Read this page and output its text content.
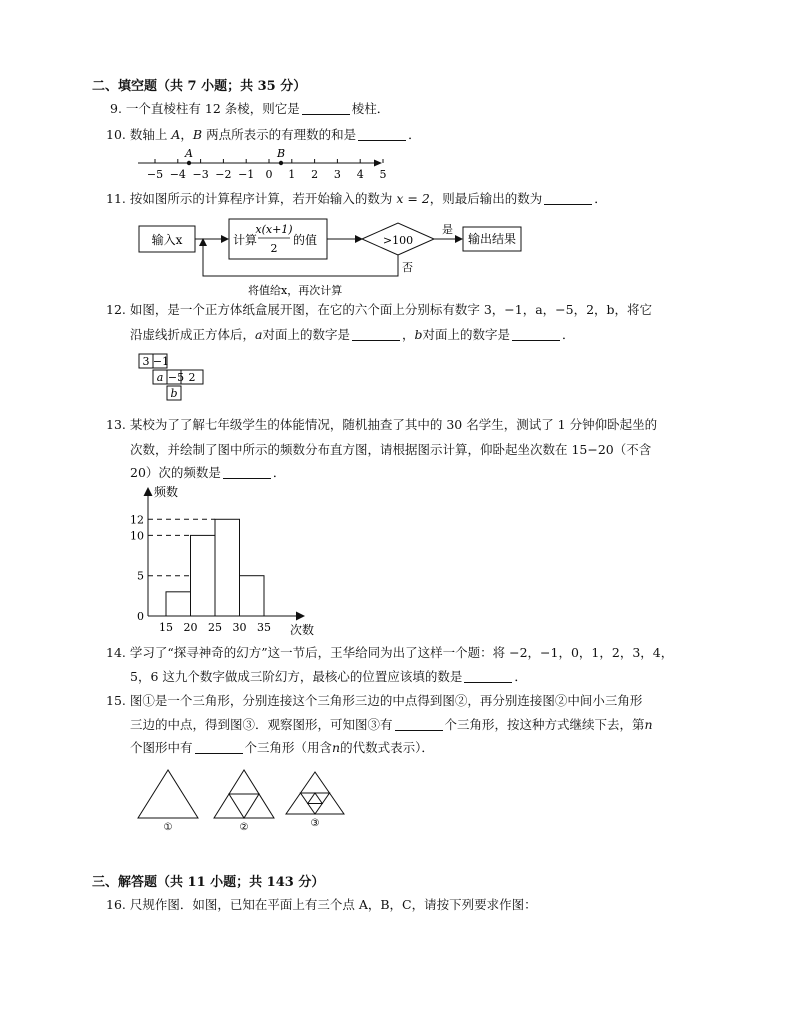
二、填空题（共 7 小题；共 35 分）
9. 一个直棱柱有 12 条棱，则它是	棱柱．
10. 数轴上 A，B 两点所表示的有理数的和是	．
−5 −4 −3 −2 −1 0 1 2 3 4 5
A	B
11. 按如图所示的计算程序计算，若开始输入的数为 x = 2，则最后输出的数为	．
输入x	计算
x(x+1)
2
的值	>100
是
输出结果
否
将值给x，再次计算
12. 如图，是一个正方体纸盒展开图，在它的六个面上分别标有数字 3，−1，a，−5，2，b，将它
沿虚线折成正方体后，a对面上的数字是	，b对面上的数字是	．
3 −1
a −5 2
b
13. 某校为了了解七年级学生的体能情况，随机抽查了其中的 30 名学生，测试了 1 分钟仰卧起坐的
次数，并绘制了图中所示的频数分布直方图，请根据图示计算，仰卧起坐次数在 15−20（不含
20）次的频数是	．
0
5
10
12
15 20 25 30 35
频数
次数
14. 学习了“探寻神奇的幻方”这一节后，王华给同为出了这样一个题：将 −2，−1，0，1，2，3，4，
5，6 这九个数字做成三阶幻方，最核心的位置应该填的数是	．
15. 图①是一个三角形，分别连接这个三角形三边的中点得到图②，再分别连接图②中间小三角形
三边的中点，得到图③．观察图形，可知图③有	个三角形，按这种方式继续下去，第n
个图形中有	个三角形（用含n的代数式表示）．
①	②	③
三、解答题（共 11 小题；共 143 分）
16. 尺规作图．如图，已知在平面上有三个点 A，B，C，请按下列要求作图：
